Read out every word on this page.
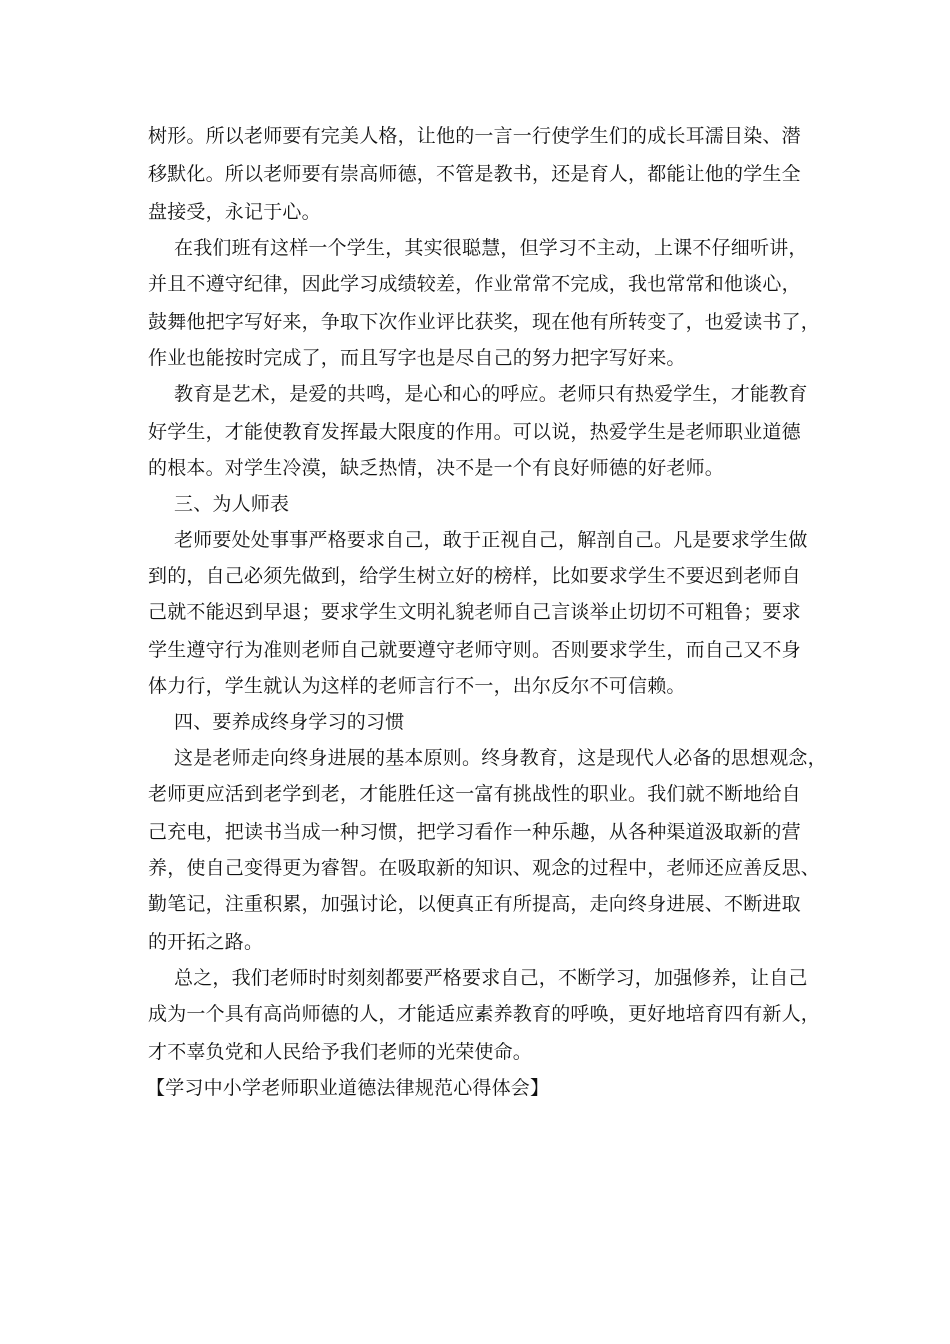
树形。所以老师要有完美人格，让他的一言一行使学生们的成长耳濡目染、潜
移默化。所以老师要有崇高师德，不管是教书，还是育人，都能让他的学生全
盘接受，永记于心。
在我们班有这样一个学生，其实很聪慧，但学习不主动，上课不仔细听讲，
并且不遵守纪律，因此学习成绩较差，作业常常不完成，我也常常和他谈心，
鼓舞他把字写好来，争取下次作业评比获奖，现在他有所转变了，也爱读书了，
作业也能按时完成了，而且写字也是尽自己的努力把字写好来。
教育是艺术，是爱的共鸣，是心和心的呼应。老师只有热爱学生，才能教育
好学生，才能使教育发挥最大限度的作用。可以说，热爱学生是老师职业道德
的根本。对学生冷漠，缺乏热情，决不是一个有良好师德的好老师。
三、为人师表
老师要处处事事严格要求自己，敢于正视自己，解剖自己。凡是要求学生做
到的，自己必须先做到，给学生树立好的榜样，比如要求学生不要迟到老师自
己就不能迟到早退；要求学生文明礼貌老师自己言谈举止切切不可粗鲁；要求
学生遵守行为准则老师自己就要遵守老师守则。否则要求学生，而自己又不身
体力行，学生就认为这样的老师言行不一，出尔反尔不可信赖。
四、要养成终身学习的习惯
这是老师走向终身进展的基本原则。终身教育，这是现代人必备的思想观念，
老师更应活到老学到老，才能胜任这一富有挑战性的职业。我们就不断地给自
己充电，把读书当成一种习惯，把学习看作一种乐趣，从各种渠道汲取新的营
养，使自己变得更为睿智。在吸取新的知识、观念的过程中，老师还应善反思、
勤笔记，注重积累，加强讨论，以便真正有所提高，走向终身进展、不断进取
的开拓之路。
总之，我们老师时时刻刻都要严格要求自己，不断学习，加强修养，让自己
成为一个具有高尚师德的人，才能适应素养教育的呼唤，更好地培育四有新人，
才不辜负党和人民给予我们老师的光荣使命。
【学习中小学老师职业道德法律规范心得体会】
